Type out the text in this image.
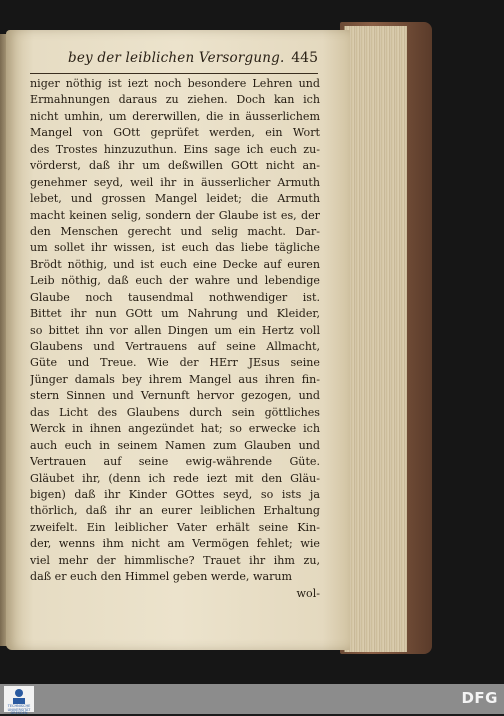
bey der leiblichen Versorgung. 445
niger nöthig ist iezt noch besondere Lehren und
Ermahnungen daraus zu ziehen. Doch kan ich
nicht umhin, um dererwillen, die in äusserlichem
Mangel von GOtt geprüfet werden, ein Wort
des Trostes hinzuzuthun. Eins sage ich euch zu-
vörderst, daß ihr um deßwillen GOtt nicht an-
genehmer seyd, weil ihr in äusserlicher Armuth
lebet, und grossen Mangel leidet; die Armuth
macht keinen selig, sondern der Glaube ist es, der
den Menschen gerecht und selig macht. Dar-
um sollet ihr wissen, ist euch das liebe tägliche
Brödt nöthig, und ist euch eine Decke auf euren
Leib nöthig, daß euch der wahre und lebendige
Glaube noch tausendmal nothwendiger ist.
Bittet ihr nun GOtt um Nahrung und Kleider,
so bittet ihn vor allen Dingen um ein Hertz voll
Glaubens und Vertrauens auf seine Allmacht,
Güte und Treue. Wie der HErr JEsus seine
Jünger damals bey ihrem Mangel aus ihren fin-
stern Sinnen und Vernunft hervor gezogen, und
das Licht des Glaubens durch sein göttliches
Werck in ihnen angezündet hat; so erwecke ich
auch euch in seinem Namen zum Glauben und
Vertrauen auf seine ewig-währende Güte.
Gläubet ihr, (denn ich rede iezt mit den Gläu-
bigen) daß ihr Kinder GOttes seyd, so ists ja
thörlich, daß ihr an eurer leiblichen Erhaltung
zweifelt. Ein leiblicher Vater erhält seine Kin-
der, wenns ihm nicht am Vermögen fehlet; wie
viel mehr der himmlische? Trauet ihr ihm zu,
daß er euch den Himmel geben werde, warum
wol-
TECHNISCHE
UNIVERSITÄT
DRESDEN
DFG
